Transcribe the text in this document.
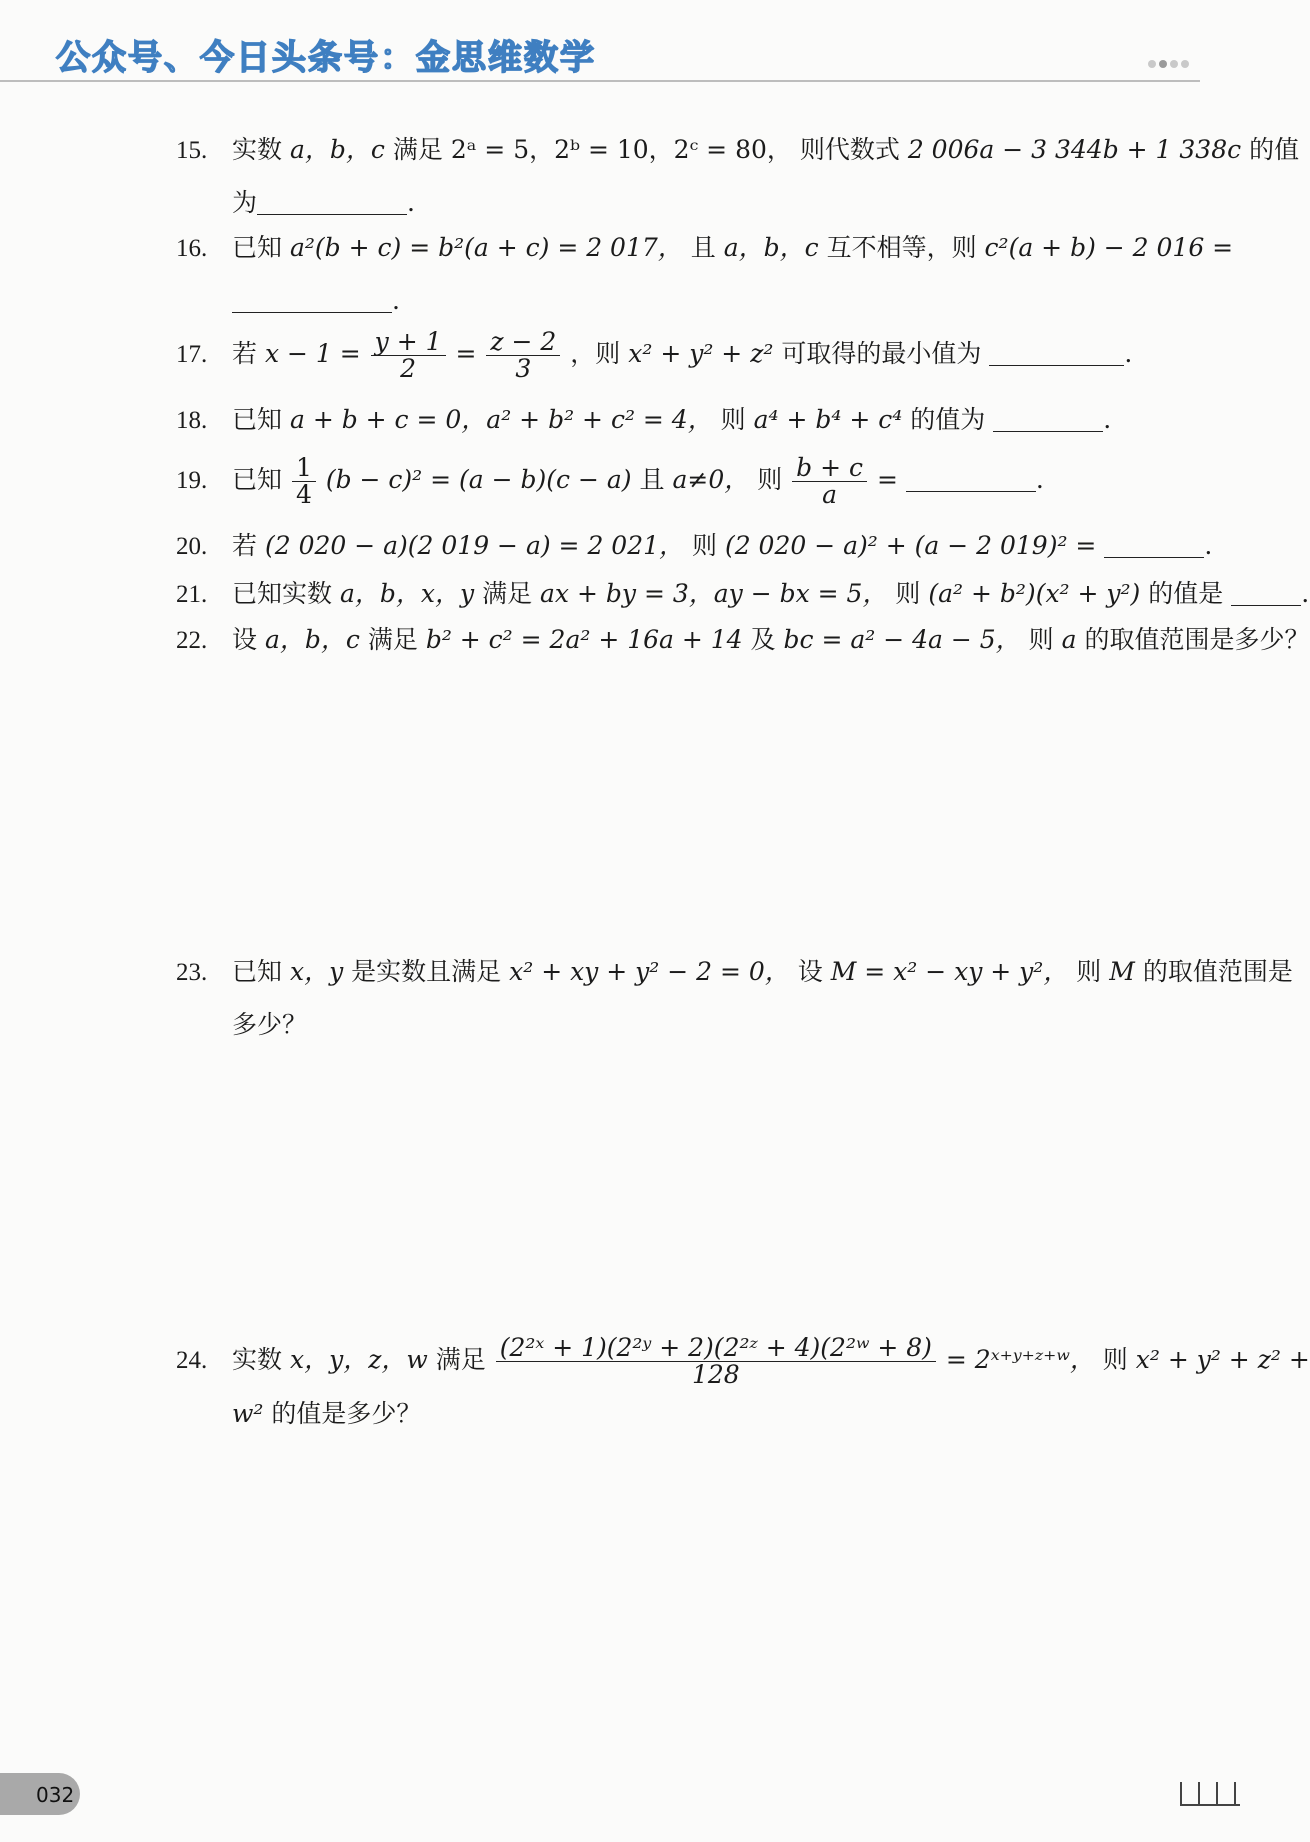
公众号、今日头条号：金思维数学
15. 实数 a，b，c 满足 2ᵃ = 5，2ᵇ = 10，2ᶜ = 80， 则代数式 2 006a − 3 344b + 1 338c 的值
为	.
16. 已知 a²(b + c) = b²(a + c) = 2 017， 且 a，b，c 互不相等，则 c²(a + b) − 2 016 =
.
17. 若 $x - 1 = \frac{y + 1}{2} = \frac{z - 2}{3}$ ，则 x² + y² + z² 可取得的最小值为	.
18. 已知 a + b + c = 0，a² + b² + c² = 4， 则 a⁴ + b⁴ + c⁴ 的值为	.
19. 已知 $\frac{1}{4} (b - c)^2 = (a - b)(c - a)$ 且 a≠0， 则 $\frac{b + c}{a}$ =	.
20. 若 (2 020 − a)(2 019 − a) = 2 021， 则 (2 020 − a)² + (a − 2 019)² =	.
21. 已知实数 a，b，x，y 满足 ax + by = 3，ay − bx = 5， 则 (a² + b²)(x² + y²) 的值是	.
22. 设 a，b，c 满足 b² + c² = 2a² + 16a + 14 及 bc = a² − 4a − 5， 则 a 的取值范围是多少？
23. 已知 x，y 是实数且满足 x² + xy + y² − 2 = 0， 设 M = x² − xy + y²， 则 M 的取值范围是
多少？
24. 实数 x，y，z，w 满足 $\frac{\text{(2²ˣ + 1)(2²ʸ + 2)(2²ᶻ + 4)(2²ʷ + 8)}}{128}$ = 2ˣ⁺ʸ⁺ᶻ⁺ʷ， 则 x² + y² + z² +
w² 的值是多少？
032
